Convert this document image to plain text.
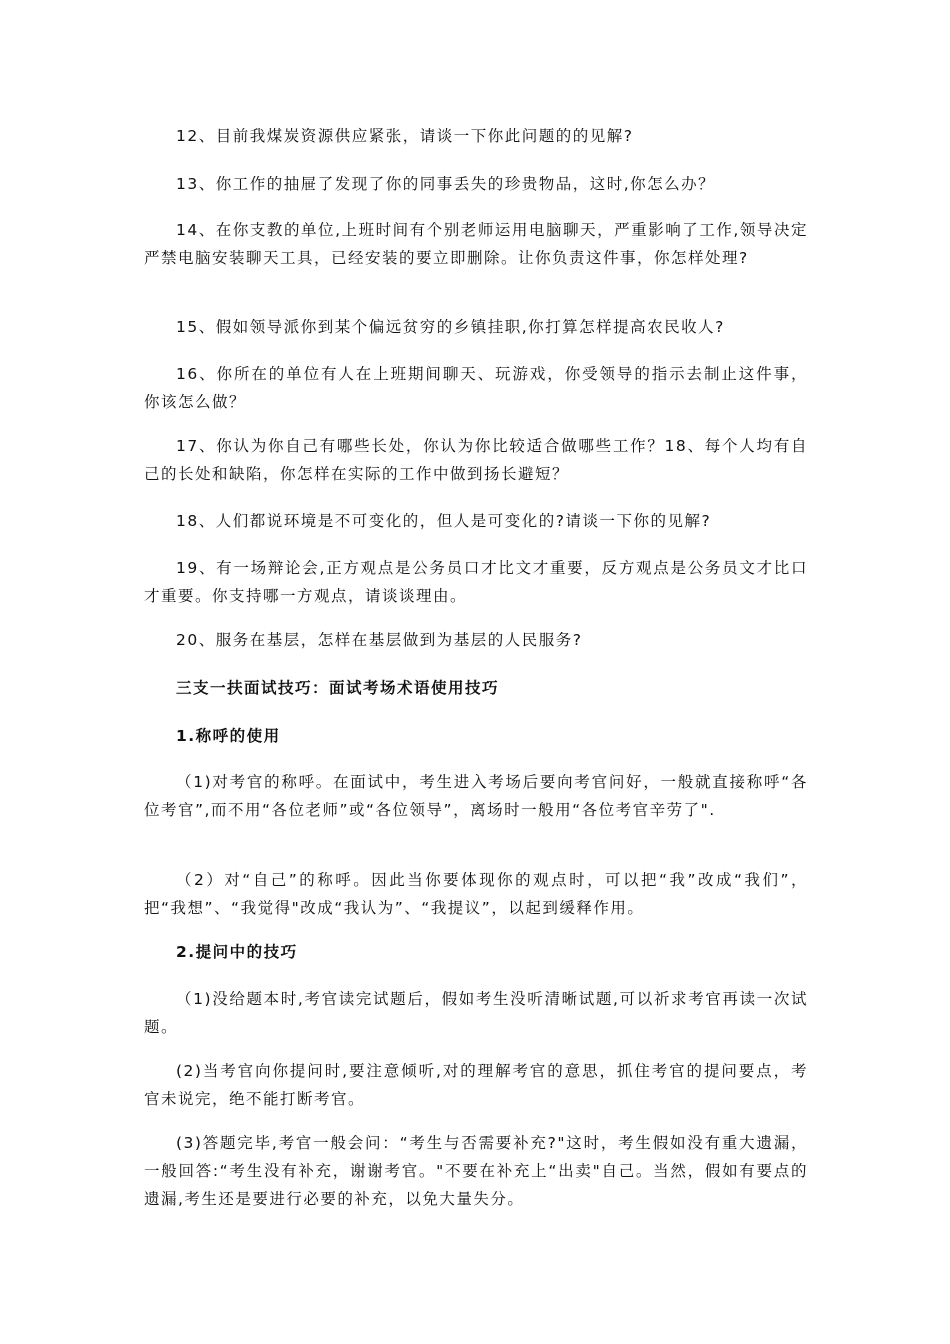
12、目前我煤炭资源供应紧张，请谈一下你此问题的的见解?

13、你工作的抽屉了发现了你的同事丢失的珍贵物品，这时,你怎么办？

14、在你支教的单位,上班时间有个别老师运用电脑聊天，严重影响了工作,领导决定严禁电脑安装聊天工具，已经安装的要立即删除。让你负责这件事，你怎样处理?

15、假如领导派你到某个偏远贫穷的乡镇挂职,你打算怎样提高农民收人?

16、你所在的单位有人在上班期间聊天、玩游戏，你受领导的指示去制止这件事，你该怎么做？

17、你认为你自己有哪些长处，你认为你比较适合做哪些工作？18、每个人均有自己的长处和缺陷，你怎样在实际的工作中做到扬长避短？

18、人们都说环境是不可变化的，但人是可变化的?请谈一下你的见解?

19、有一场辩论会,正方观点是公务员口才比文才重要，反方观点是公务员文才比口才重要。你支持哪一方观点，请谈谈理由。

20、服务在基层，怎样在基层做到为基层的人民服务?

三支一扶面试技巧：面试考场术语使用技巧

1.称呼的使用

（1)对考官的称呼。在面试中，考生进入考场后要向考官问好，一般就直接称呼“各位考官”,而不用“各位老师”或“各位领导”，离场时一般用“各位考官辛劳了".

（2）对“自己”的称呼。因此当你要体现你的观点时，可以把“我”改成“我们”，把“我想”、“我觉得"改成“我认为”、“我提议”，以起到缓释作用。

2.提问中的技巧

（1)没给题本时,考官读完试题后，假如考生没听清晰试题,可以祈求考官再读一次试题。

(2)当考官向你提问时,要注意倾听,对的理解考官的意思，抓住考官的提问要点，考官未说完，绝不能打断考官。

(3)答题完毕,考官一般会问：“考生与否需要补充?"这时，考生假如没有重大遗漏，一般回答:“考生没有补充，谢谢考官。"不要在补充上“出卖"自己。当然，假如有要点的遗漏,考生还是要进行必要的补充，以免大量失分。
